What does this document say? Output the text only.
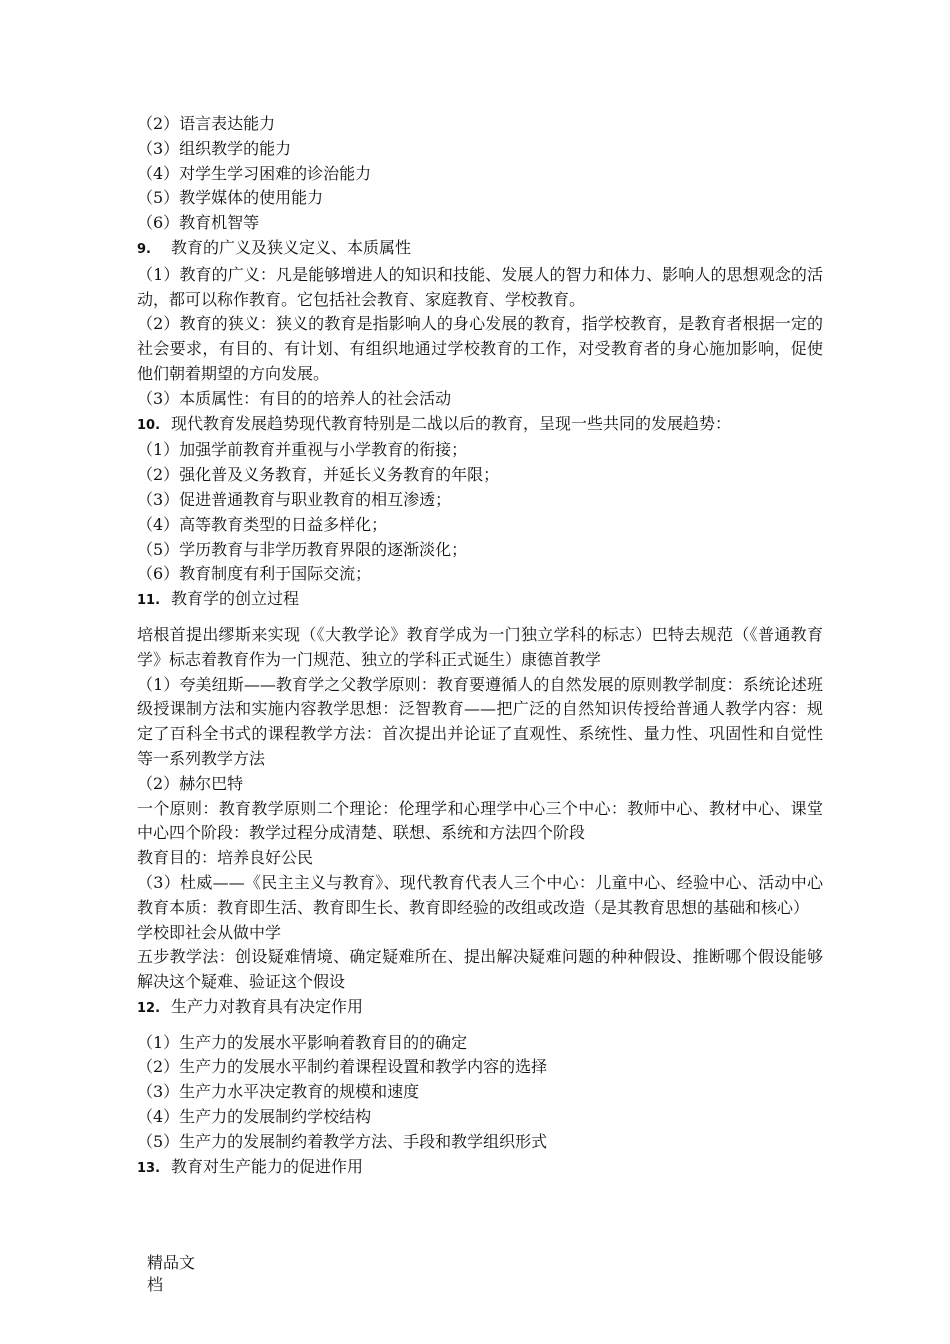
（2）语言表达能力
（3）组织教学的能力
（4）对学生学习困难的诊治能力
（5）教学媒体的使用能力
（6）教育机智等
9. 教育的广义及狭义定义、本质属性
（1）教育的广义：凡是能够增进人的知识和技能、发展人的智力和体力、影响人的思想观念的活动，都可以称作教育。它包括社会教育、家庭教育、学校教育。
（2）教育的狭义：狭义的教育是指影响人的身心发展的教育，指学校教育，是教育者根据一定的社会要求，有目的、有计划、有组织地通过学校教育的工作，对受教育者的身心施加影响，促使他们朝着期望的方向发展。
（3）本质属性：有目的的培养人的社会活动
10. 现代教育发展趋势现代教育特别是二战以后的教育，呈现一些共同的发展趋势：
（1）加强学前教育并重视与小学教育的衔接；
（2）强化普及义务教育，并延长义务教育的年限；
（3）促进普通教育与职业教育的相互渗透；
（4）高等教育类型的日益多样化；
（5）学历教育与非学历教育界限的逐渐淡化；
（6）教育制度有利于国际交流；
11. 教育学的创立过程
培根首提出缪斯来实现（《大教学论》教育学成为一门独立学科的标志）巴特去规范（《普通教育学》标志着教育作为一门规范、独立的学科正式诞生）康德首教学
（1）夸美纽斯——教育学之父教学原则：教育要遵循人的自然发展的原则教学制度：系统论述班级授课制方法和实施内容教学思想：泛智教育——把广泛的自然知识传授给普通人教学内容：规定了百科全书式的课程教学方法：首次提出并论证了直观性、系统性、量力性、巩固性和自觉性等一系列教学方法
（2）赫尔巴特
一个原则：教育教学原则二个理论：伦理学和心理学中心三个中心：教师中心、教材中心、课堂中心四个阶段：教学过程分成清楚、联想、系统和方法四个阶段
教育目的：培养良好公民
（3）杜威——《民主主义与教育》、现代教育代表人三个中心：儿童中心、经验中心、活动中心教育本质：教育即生活、教育即生长、教育即经验的改组或改造（是其教育思想的基础和核心）
学校即社会从做中学
五步教学法：创设疑难情境、确定疑难所在、提出解决疑难问题的种种假设、推断哪个假设能够解决这个疑难、验证这个假设
12. 生产力对教育具有决定作用
（1）生产力的发展水平影响着教育目的的确定
（2）生产力的发展水平制约着课程设置和教学内容的选择
（3）生产力水平决定教育的规模和速度
（4）生产力的发展制约学校结构
（5）生产力的发展制约着教学方法、手段和教学组织形式
13. 教育对生产能力的促进作用
精品文
档
